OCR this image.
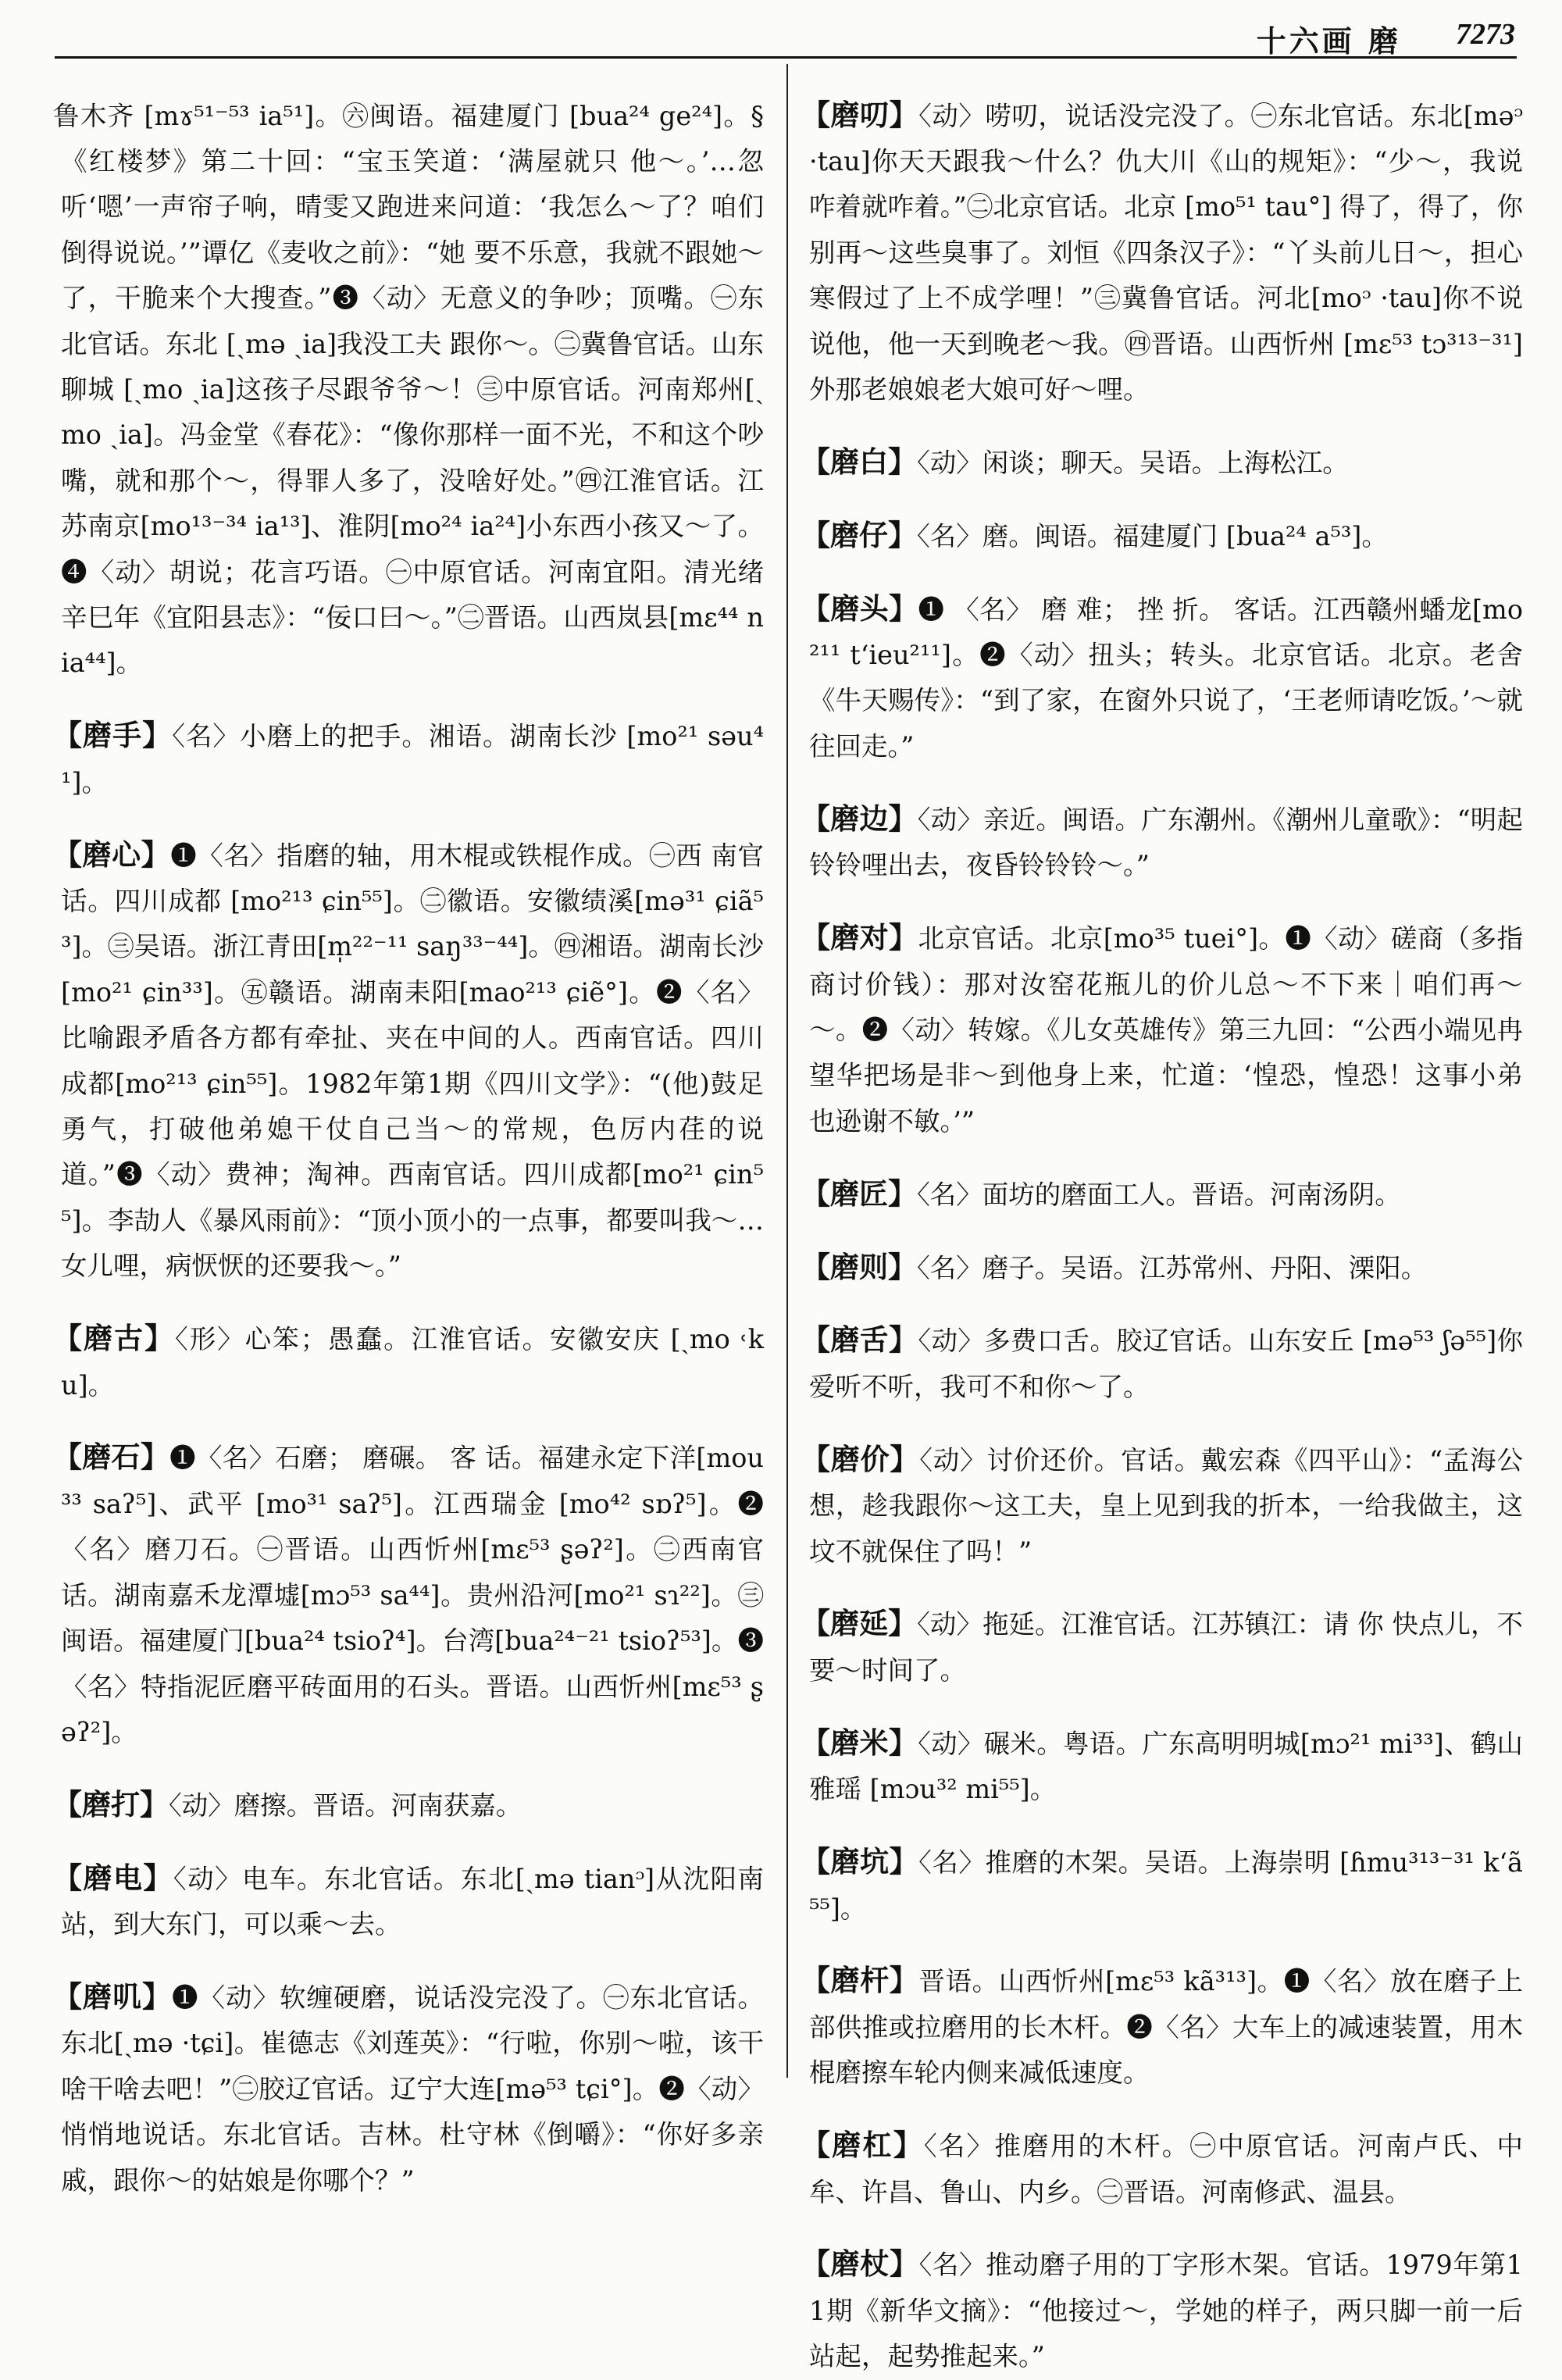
十六画 磨 7273

鲁木齐 [mɤ⁵¹⁻⁵³ ia⁵¹]。㊅闽语。福建厦门 [bua²⁴ ge²⁴]。§《红楼梦》第二十回：“宝玉笑道：‘满屋就只 他～。’…忽听‘嗯’一声帘子响，晴雯又跑进来问道：‘我怎么～了？咱们倒得说说。’”谭亿《麦收之前》：“她 要不乐意，我就不跟她～了，干脆来个大搜查。”❸〈动〉无意义的争吵；顶嘴。㊀东北官话。东北 [ˏmə ˏia]我没工夫 跟你～。㊁冀鲁官话。山东聊城 [ˏmo ˏia]这孩子尽跟爷爷～！㊂中原官话。河南郑州[ˏmo ˏia]。冯金堂《春花》：“像你那样一面不光，不和这个吵嘴，就和那个～，得罪人多了，没啥好处。”㊃江淮官话。江苏南京[mo¹³⁻³⁴ ia¹³]、淮阴[mo²⁴ ia²⁴]小东西小孩又～了。❹〈动〉胡说；花言巧语。㊀中原官话。河南宜阳。清光绪辛巳年《宜阳县志》：“佞口曰～。”㊁晋语。山西岚县[mɛ⁴⁴ nia⁴⁴]。

【磨手】〈名〉小磨上的把手。湘语。湖南长沙 [mo²¹ səu⁴¹]。

【磨心】❶〈名〉指磨的轴，用木棍或铁棍作成。㊀西 南官话。四川成都 [mo²¹³ ɕin⁵⁵]。㊁徽语。安徽绩溪[mə³¹ ɕiã⁵³]。㊂吴语。浙江青田[m̩²²⁻¹¹ saŋ³³⁻⁴⁴]。㊃湘语。湖南长沙[mo²¹ ɕin³³]。㊄赣语。湖南耒阳[mao²¹³ ɕiẽ°]。❷〈名〉比喻跟矛盾各方都有牵扯、夹在中间的人。西南官话。四川成都[mo²¹³ ɕin⁵⁵]。1982年第1期《四川文学》：“(他)鼓足勇气，打破他弟媳干仗自己当～的常规，色厉内荏的说道。”❸〈动〉费神；淘神。西南官话。四川成都[mo²¹ ɕin⁵⁵]。李劼人《暴风雨前》：“顶小顶小的一点事，都要叫我～…女儿哩，病恹恹的还要我～。”

【磨古】〈形〉心笨；愚蠢。江淮官话。安徽安庆 [ˏmo ˓ku]。

【磨石】❶〈名〉石磨； 磨碾。 客 话。福建永定下洋[mou³³ saʔ⁵]、武平 [mo³¹ saʔ⁵]。江西瑞金 [mo⁴² sɒʔ⁵]。❷〈名〉磨刀石。㊀晋语。山西忻州[mɛ⁵³ ʂəʔ²]。㊁西南官话。湖南嘉禾龙潭墟[mɔ⁵³ sa⁴⁴]。贵州沿河[mo²¹ sɿ²²]。㊂闽语。福建厦门[bua²⁴ tsioʔ⁴]。台湾[bua²⁴⁻²¹ tsioʔ⁵³]。❸〈名〉特指泥匠磨平砖面用的石头。晋语。山西忻州[mɛ⁵³ ʂəʔ²]。

【磨打】〈动〉磨擦。晋语。河南获嘉。

【磨电】〈动〉电车。东北官话。东北[ˏmə tianᵓ]从沈阳南站，到大东门，可以乘～去。

【磨叽】❶〈动〉软缠硬磨，说话没完没了。㊀东北官话。东北[ˏmə ·tɕi]。崔德志《刘莲英》：“行啦，你别～啦，该干啥干啥去吧！”㊁胶辽官话。辽宁大连[mə⁵³ tɕi°]。❷〈动〉悄悄地说话。东北官话。吉林。杜守林《倒嚼》：“你好多亲戚，跟你～的姑娘是你哪个？”

【磨叨】〈动〉唠叨，说话没完没了。㊀东北官话。东北[məᵓ ·tau]你天天跟我～什么？仇大川《山的规矩》：“少～，我说咋着就咋着。”㊁北京官话。北京 [mo⁵¹ tau°] 得了，得了，你别再～这些臭事了。刘恒《四条汉子》：“丫头前儿日～，担心寒假过了上不成学哩！”㊂冀鲁官话。河北[moᵓ ·tau]你不说说他，他一天到晚老～我。㊃晋语。山西忻州 [mɛ⁵³ tɔ³¹³⁻³¹] 外那老娘娘老大娘可好～哩。

【磨白】〈动〉闲谈；聊天。吴语。上海松江。

【磨仔】〈名〉磨。闽语。福建厦门 [bua²⁴ a⁵³]。

【磨头】❶ 〈名〉 磨 难； 挫 折。 客话。江西赣州蟠龙[mo²¹¹ t‘ieu²¹¹]。❷〈动〉扭头；转头。北京官话。北京。老舍《牛天赐传》：“到了家，在窗外只说了，‘王老师请吃饭。’～就往回走。”

【磨边】〈动〉亲近。闽语。广东潮州。《潮州儿童歌》：“明起铃铃哩出去，夜昏铃铃铃～。”

【磨对】北京官话。北京[mo³⁵ tuei°]。❶〈动〉磋商（多指商讨价钱）：那对汝窑花瓶儿的价儿总～不下来｜咱们再～～。❷〈动〉转嫁。《儿女英雄传》第三九回：“公西小端见冉望华把场是非～到他身上来，忙道：‘惶恐，惶恐！这事小弟也逊谢不敏。’”

【磨匠】〈名〉面坊的磨面工人。晋语。河南汤阴。

【磨则】〈名〉磨子。吴语。江苏常州、丹阳、溧阳。

【磨舌】〈动〉多费口舌。胶辽官话。山东安丘 [mə⁵³ ʃə⁵⁵]你爱听不听，我可不和你～了。

【磨价】〈动〉讨价还价。官话。戴宏森《四平山》：“孟海公想，趁我跟你～这工夫，皇上见到我的折本，一给我做主，这坟不就保住了吗！”

【磨延】〈动〉拖延。江淮官话。江苏镇江：请 你 快点儿，不要～时间了。

【磨米】〈动〉碾米。粤语。广东高明明城[mɔ²¹ mi³³]、鹤山雅瑶 [mɔu³² mi⁵⁵]。

【磨坑】〈名〉推磨的木架。吴语。上海崇明 [ɦmu³¹³⁻³¹ k‘ã⁵⁵]。

【磨杆】晋语。山西忻州[mɛ⁵³ kã³¹³]。❶〈名〉放在磨子上部供推或拉磨用的长木杆。❷〈名〉大车上的减速装置，用木棍磨擦车轮内侧来减低速度。

【磨杠】〈名〉推磨用的木杆。㊀中原官话。河南卢氏、中牟、许昌、鲁山、内乡。㊁晋语。河南修武、温县。

【磨杖】〈名〉推动磨子用的丁字形木架。官话。1979年第11期《新华文摘》：“他接过～，学她的样子，两只脚一前一后站起，起势推起来。”
